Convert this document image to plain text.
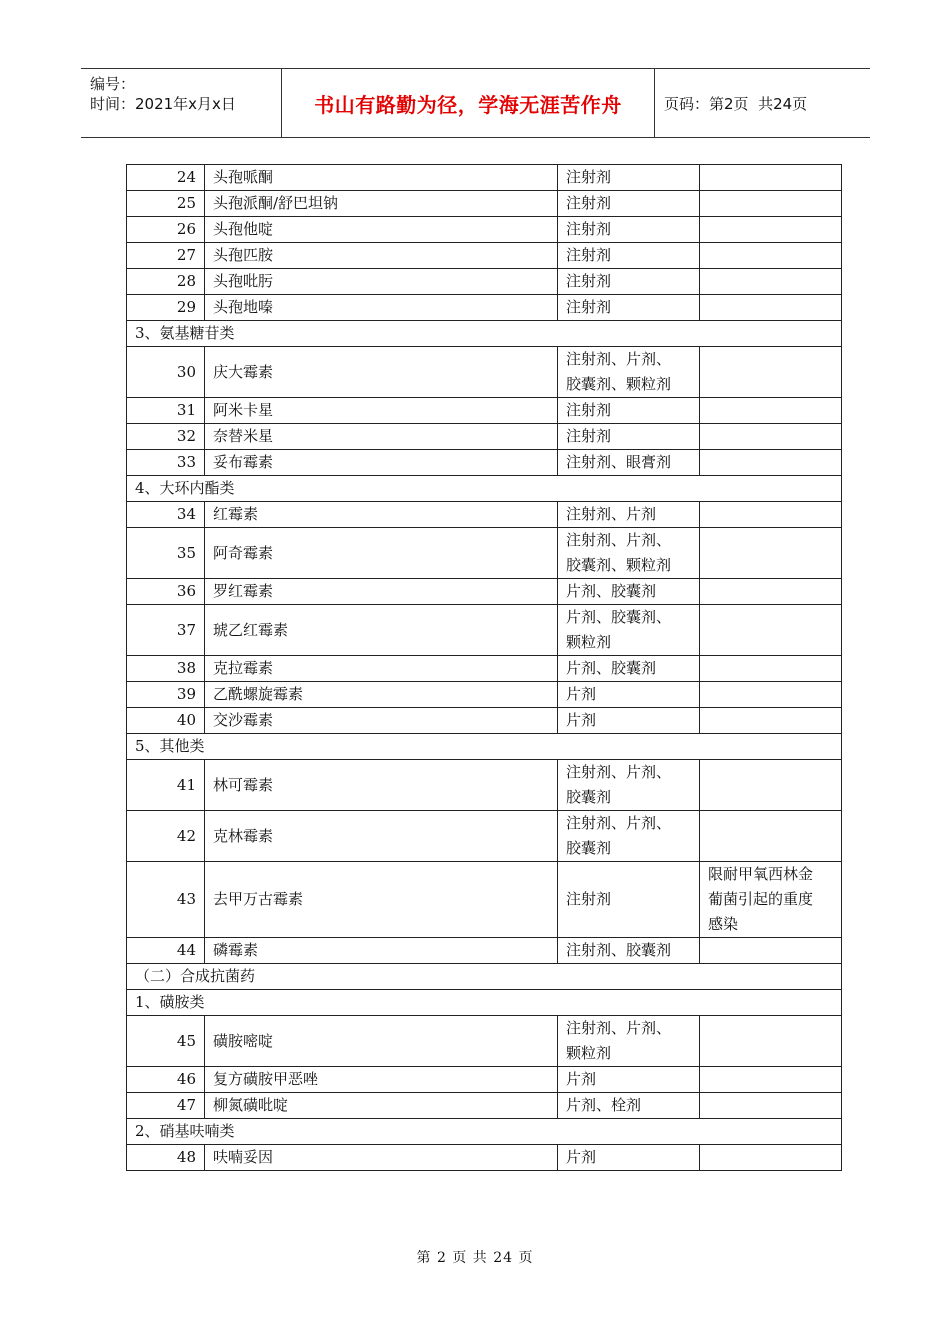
编号：
时间：2021年x月x日	书山有路勤为径，学海无涯苦作舟	页码：第2页  共24页
24	头孢哌酮	注射剂	
25	头孢派酮/舒巴坦钠	注射剂	
26	头孢他啶	注射剂	
27	头孢匹胺	注射剂	
28	头孢吡肟	注射剂	
29	头孢地嗪	注射剂	
3、氨基糖苷类			
30	庆大霉素	注射剂、片剂、
胶囊剂、颗粒剂	
31	阿米卡星	注射剂	
32	奈替米星	注射剂	
33	妥布霉素	注射剂、眼膏剂	
4、大环内酯类			
34	红霉素	注射剂、片剂	
35	阿奇霉素	注射剂、片剂、
胶囊剂、颗粒剂	
36	罗红霉素	片剂、胶囊剂	
37	琥乙红霉素	片剂、胶囊剂、
颗粒剂	
38	克拉霉素	片剂、胶囊剂	
39	乙酰螺旋霉素	片剂	
40	交沙霉素	片剂	
5、其他类			
41	林可霉素	注射剂、片剂、
胶囊剂	
42	克林霉素	注射剂、片剂、
胶囊剂	
43	去甲万古霉素	注射剂	限耐甲氧西林金
葡菌引起的重度
感染
44	磷霉素	注射剂、胶囊剂	
（二）合成抗菌药			
1、磺胺类			
45	磺胺嘧啶	注射剂、片剂、
颗粒剂	
46	复方磺胺甲恶唑	片剂	
47	柳氮磺吡啶	片剂、栓剂	
2、硝基呋喃类			
48	呋喃妥因	片剂	
第 2 页 共 24 页
